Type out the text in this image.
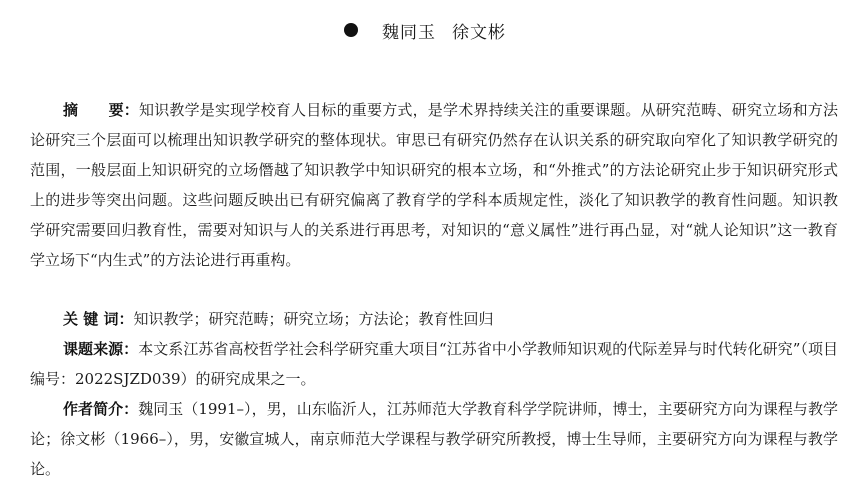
魏同玉 徐文彬

摘　　要：知识教学是实现学校育人目标的重要方式，是学术界持续关注的重要课题。从研究范畴、研究立场和方法论研究三个层面可以梳理出知识教学研究的整体现状。审思已有研究仍然存在认识关系的研究取向窄化了知识教学研究的范围，一般层面上知识研究的立场僭越了知识教学中知识研究的根本立场，和“外推式”的方法论研究止步于知识研究形式上的进步等突出问题。这些问题反映出已有研究偏离了教育学的学科本质规定性，淡化了知识教学的教育性问题。知识教学研究需要回归教育性，需要对知识与人的关系进行再思考，对知识的“意义属性”进行再凸显，对“就人论知识”这一教育学立场下“内生式”的方法论进行再重构。

关 键 词：知识教学；研究范畴；研究立场；方法论；教育性回归

课题来源：本文系江苏省高校哲学社会科学研究重大项目“江苏省中小学教师知识观的代际差异与时代转化研究”（项目编号：2022SJZD039）的研究成果之一。

作者简介：魏同玉（1991–），男，山东临沂人，江苏师范大学教育科学学院讲师，博士，主要研究方向为课程与教学论；徐文彬（1966–），男，安徽宣城人，南京师范大学课程与教学研究所教授，博士生导师，主要研究方向为课程与教学论。
